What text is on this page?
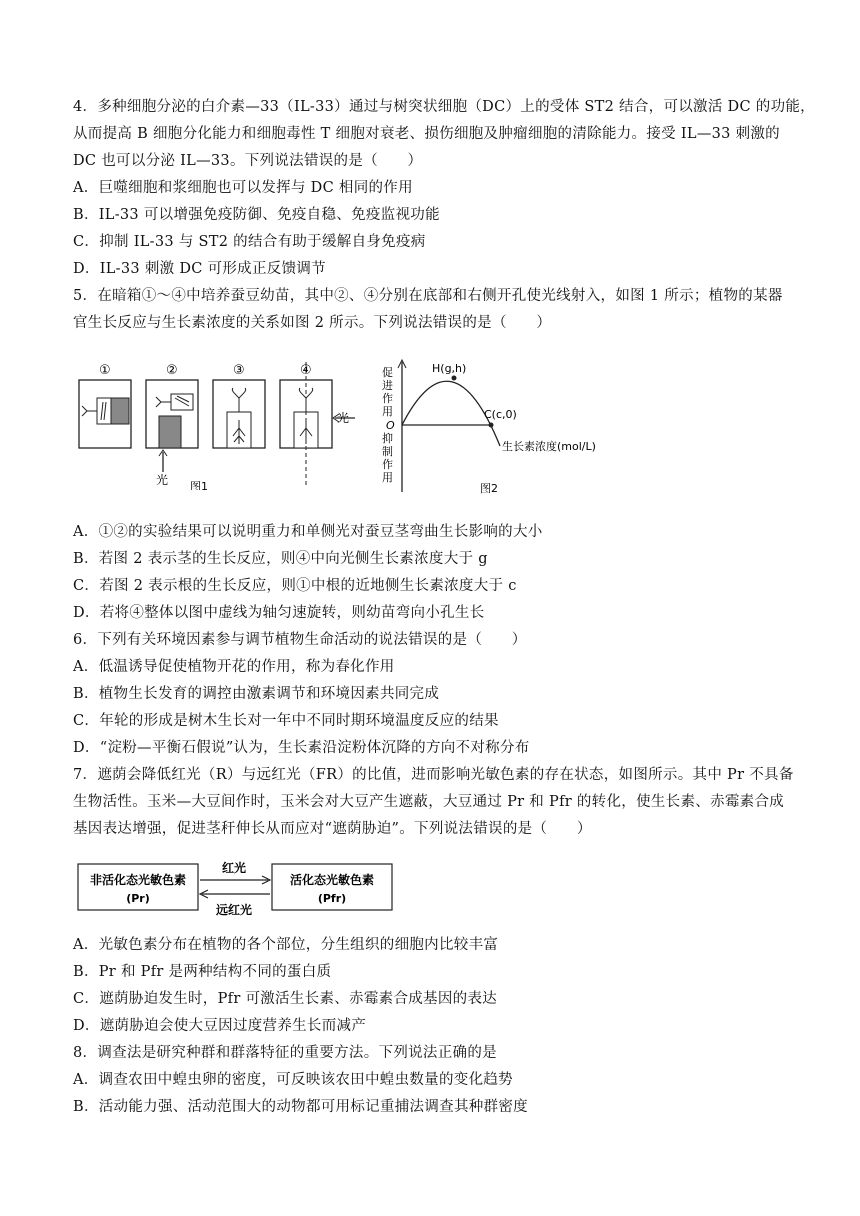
4．多种细胞分泌的白介素—33（IL-33）通过与树突状细胞（DC）上的受体 ST2 结合，可以激活 DC 的功能，
从而提高 B 细胞分化能力和细胞毒性 T 细胞对衰老、损伤细胞及肿瘤细胞的清除能力。接受 IL—33 刺激的
DC 也可以分泌 IL—33。下列说法错误的是（　　）
A．巨噬细胞和浆细胞也可以发挥与 DC 相同的作用
B．IL-33 可以增强免疫防御、免疫自稳、免疫监视功能
C．抑制 IL-33 与 ST2 的结合有助于缓解自身免疫病
D．IL-33 刺激 DC 可形成正反馈调节
5．在暗箱①～④中培养蚕豆幼苗，其中②、④分别在底部和右侧开孔使光线射入，如图 1 所示；植物的某器
官生长反应与生长素浓度的关系如图 2 所示。下列说法错误的是（　　）
①	②	③	④
光
光 图1
促
进
作
用
O
抑
制
作
用
H(g,h)
C(c,0)
生长素浓度(mol/L)
图2
A．①②的实验结果可以说明重力和单侧光对蚕豆茎弯曲生长影响的大小
B．若图 2 表示茎的生长反应，则④中向光侧生长素浓度大于 g
C．若图 2 表示根的生长反应，则①中根的近地侧生长素浓度大于 c
D．若将④整体以图中虚线为轴匀速旋转，则幼苗弯向小孔生长
6．下列有关环境因素参与调节植物生命活动的说法错误的是（　　）
A．低温诱导促使植物开花的作用，称为春化作用
B．植物生长发育的调控由激素调节和环境因素共同完成
C．年轮的形成是树木生长对一年中不同时期环境温度反应的结果
D．“淀粉—平衡石假说”认为，生长素沿淀粉体沉降的方向不对称分布
7．遮荫会降低红光（R）与远红光（FR）的比值，进而影响光敏色素的存在状态，如图所示。其中 Pr 不具备
生物活性。玉米—大豆间作时，玉米会对大豆产生遮蔽，大豆通过 Pr 和 Pfr 的转化，使生长素、赤霉素合成
基因表达增强，促进茎秆伸长从而应对“遮荫胁迫”。下列说法错误的是（　　）
非活化态光敏色素
(Pr)
活化态光敏色素
(Pfr)
红光
远红光
A．光敏色素分布在植物的各个部位，分生组织的细胞内比较丰富
B．Pr 和 Pfr 是两种结构不同的蛋白质
C．遮荫胁迫发生时，Pfr 可激活生长素、赤霉素合成基因的表达
D．遮荫胁迫会使大豆因过度营养生长而减产
8．调查法是研究种群和群落特征的重要方法。下列说法正确的是
A．调查农田中蝗虫卵的密度，可反映该农田中蝗虫数量的变化趋势
B．活动能力强、活动范围大的动物都可用标记重捕法调查其种群密度
